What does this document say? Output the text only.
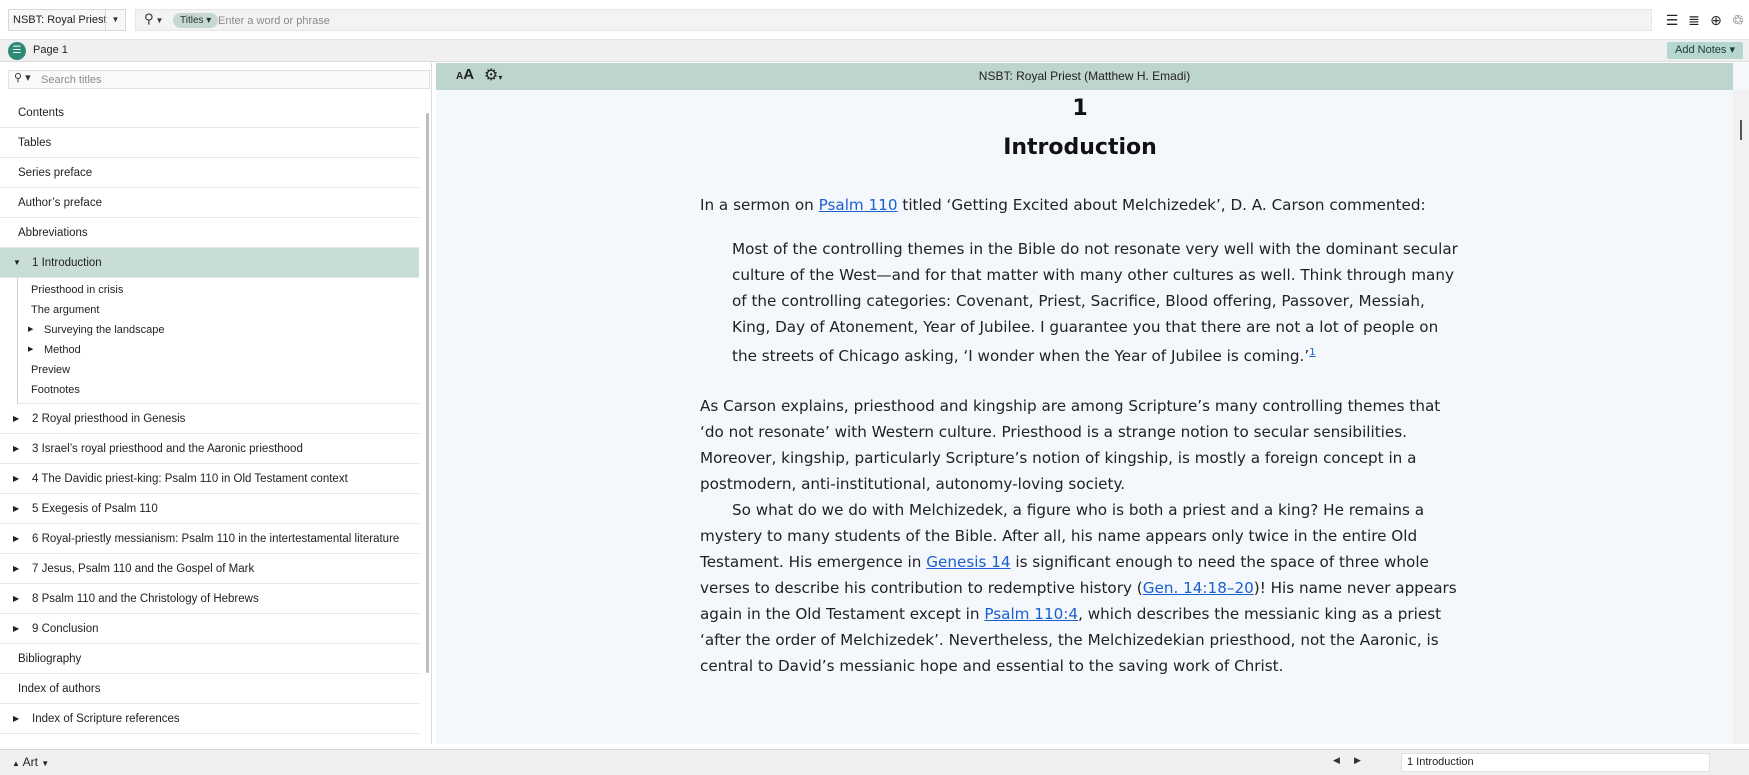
NSBT: Royal Priest ▼	⚲ ▼	Titles ▾
Enter a word or phrase	☰ ≣ ⊕ ♲
☰	Page 1	Add Notes ▾
⚲ ▾
Search titles
Contents
Tables
Series preface
Author’s preface
Abbreviations
▼ 1 Introduction
Priesthood in crisis
The argument
▶ Surveying the landscape
▶ Method
Preview
Footnotes
▶ 2 Royal priesthood in Genesis
▶ 3 Israel’s royal priesthood and the Aaronic priesthood
▶ 4 The Davidic priest-king: Psalm 110 in Old Testament context
▶ 5 Exegesis of Psalm 110
▶ 6 Royal-priestly messianism: Psalm 110 in the intertestamental literature
▶ 7 Jesus, Psalm 110 and the Gospel of Mark
▶ 8 Psalm 110 and the Christology of Hebrews
▶ 9 Conclusion
Bibliography
Index of authors
▶ Index of Scripture references
AA ⚙▾	NSBT: Royal Priest (Matthew H. Emadi)
1
Introduction

In a sermon on Psalm 110 titled ‘Getting Excited about Melchizedek’, D. A. Carson commented:

Most of the controlling themes in the Bible do not resonate very well with the dominant secular culture of the West—and for that matter with many other cultures as well. Think through many of the controlling categories: Covenant, Priest, Sacrifice, Blood offering, Passover, Messiah, King, Day of Atonement, Year of Jubilee. I guarantee you that there are not a lot of people on the streets of Chicago asking, ‘I wonder when the Year of Jubilee is coming.’$^1$

As Carson explains, priesthood and kingship are among Scripture’s many controlling themes that ‘do not resonate’ with Western culture. Priesthood is a strange notion to secular sensibilities. Moreover, kingship, particularly Scripture’s notion of kingship, is mostly a foreign concept in a postmodern, anti-institutional, autonomy-loving society.

So what do we do with Melchizedek, a figure who is both a priest and a king? He remains a mystery to many students of the Bible. After all, his name appears only twice in the entire Old Testament. His emergence in Genesis 14 is significant enough to need the space of three whole verses to describe his contribution to redemptive history (Gen. 14:18–20)! His name never appears again in the Old Testament except in Psalm 110:4, which describes the messianic king as a priest ‘after the order of Melchizedek’. Nevertheless, the Melchizedekian priesthood, not the Aaronic, is central to David’s messianic hope and essential to the saving work of Christ.

▲ Art ▼	◀ ▶	1 Introduction
